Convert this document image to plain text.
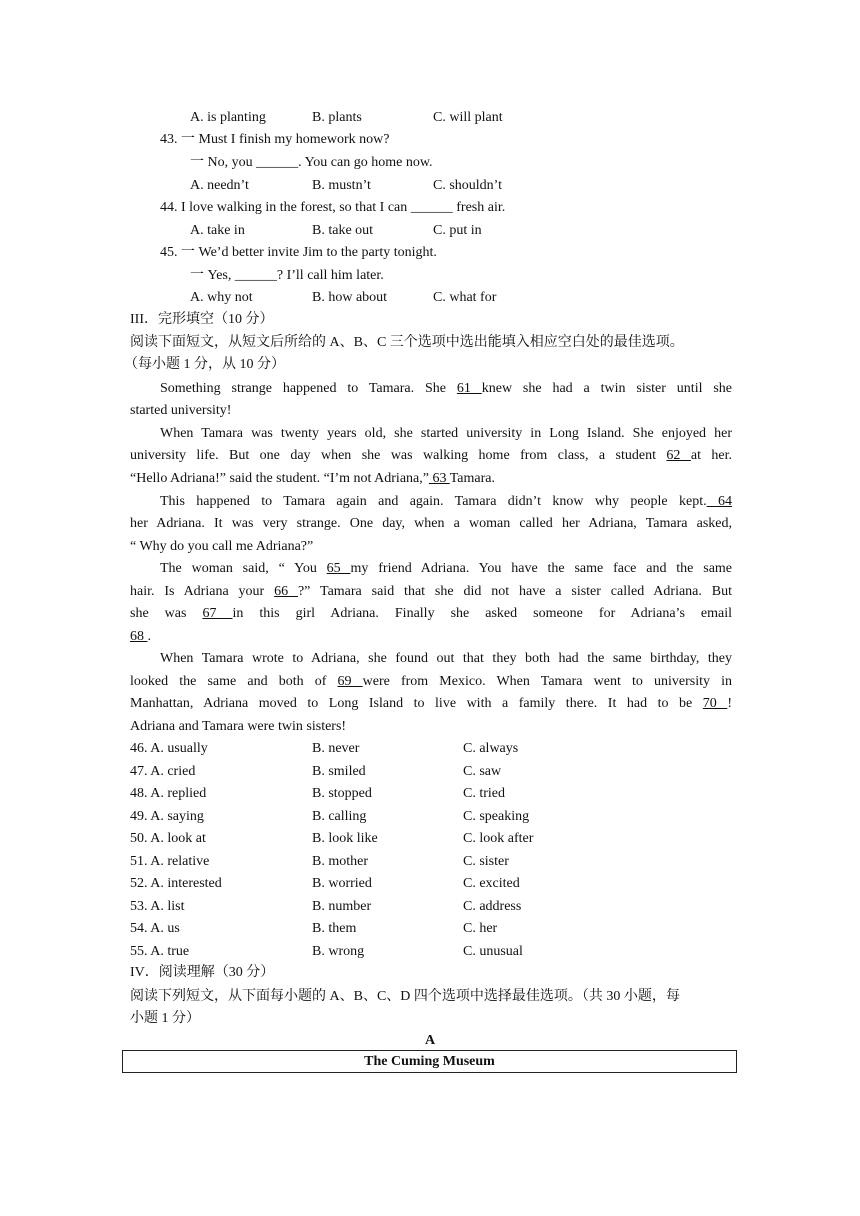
A. is planting	B. plants	C. will plant
43. 一 Must I finish my homework now?
一 No, you ______. You can go home now.
A. needn’t	B. mustn’t	C. shouldn’t
44. I love walking in the forest, so that I can ______ fresh air.
A. take in	B. take out	C. put in
45. 一 We’d better invite Jim to the party tonight.
一 Yes, ______? I’ll call him later.
A. why not	B. how about	C. what for
III．完形填空（10 分）
阅读下面短文，从短文后所给的 A、B、C 三个选项中选出能填入相应空白处的最佳选项。
（每小题 1 分，从 10 分）
Something strange happened to Tamara. She 61 knew she had a twin sister until she
started university!
When Tamara was twenty years old, she started university in Long Island. She enjoyed her
university life. But one day when she was walking home from class, a student 62 at her.
“Hello Adriana!” said the student. “I’m not Adriana,” 63 Tamara.
This happened to Tamara again and again. Tamara didn’t know why people kept. 64
her Adriana. It was very strange. One day, when a woman called her Adriana, Tamara asked,
“ Why do you call me Adriana?”
The woman said, “ You 65 my friend Adriana. You have the same face and the same
hair. Is Adriana your 66 ?” Tamara said that she did not have a sister called Adriana. But
she was 67 in this girl Adriana. Finally she asked someone for Adriana’s email
68 .
When Tamara wrote to Adriana, she found out that they both had the same birthday, they
looked the same and both of 69 were from Mexico. When Tamara went to university in
Manhattan, Adriana moved to Long Island to live with a family there. It had to be 70 !
Adriana and Tamara were twin sisters!
46. A. usually	B. never	C. always
47. A. cried	B. smiled	C. saw
48. A. replied	B. stopped	C. tried
49. A. saying	B. calling	C. speaking
50. A. look at	B. look like	C. look after
51. A. relative	B. mother	C. sister
52. A. interested	B. worried	C. excited
53. A. list	B. number	C. address
54. A. us	B. them	C. her
55. A. true	B. wrong	C. unusual
IV．阅读理解（30 分）
阅读下列短文，从下面每小题的 A、B、C、D 四个选项中选择最佳选项。（共 30 小题，每
小题 1 分）
A
The Cuming Museum
